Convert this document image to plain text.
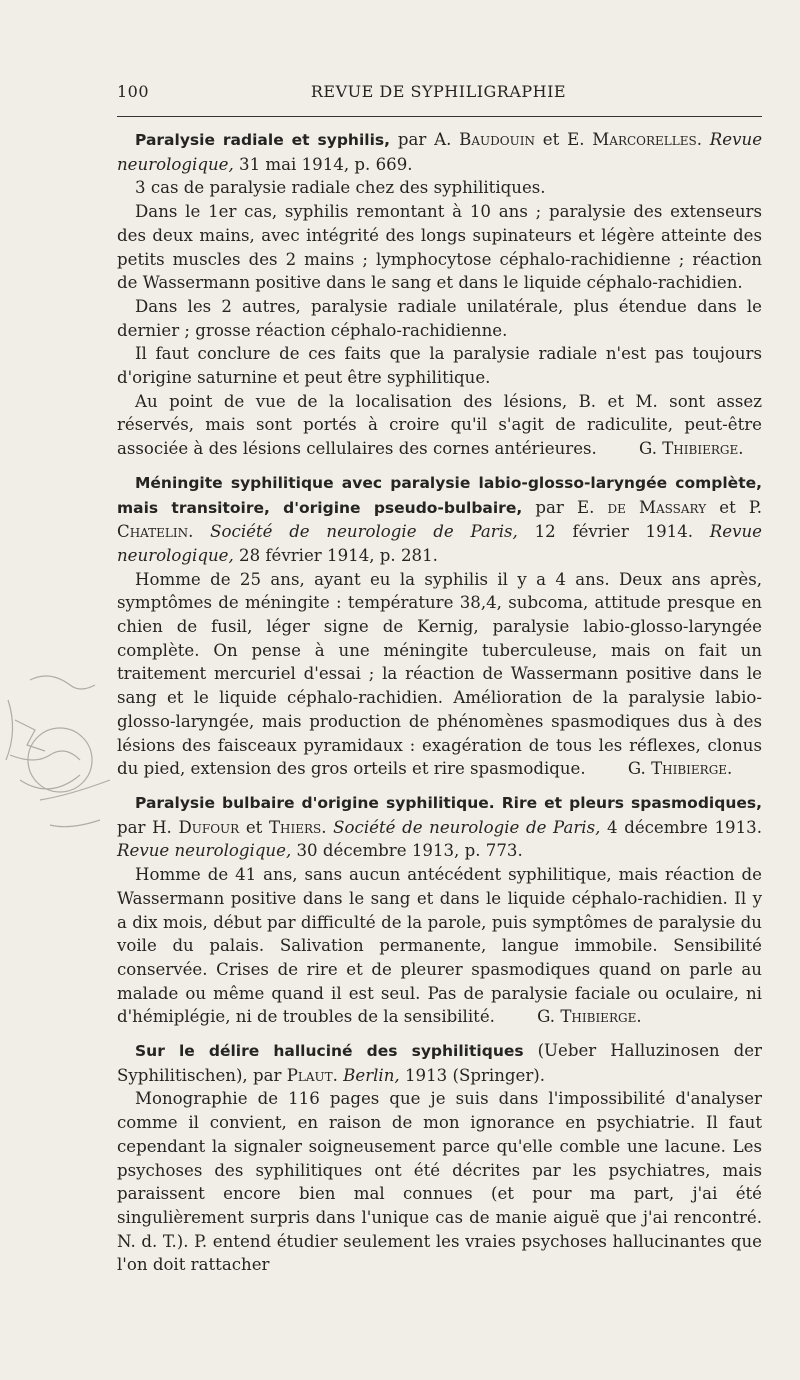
100	REVUE DE SYPHILIGRAPHIE

Paralysie radiale et syphilis, par A. Baudouin et E. Marcorelles. Revue neurologique, 31 mai 1914, p. 669.

3 cas de paralysie radiale chez des syphilitiques.

Dans le 1er cas, syphilis remontant à 10 ans ; paralysie des extenseurs des deux mains, avec intégrité des longs supinateurs et légère atteinte des petits muscles des 2 mains ; lymphocytose céphalo-rachidienne ; réaction de Wassermann positive dans le sang et dans le liquide céphalo-rachidien.

Dans les 2 autres, paralysie radiale unilatérale, plus étendue dans le dernier ; grosse réaction céphalo-rachidienne.

Il faut conclure de ces faits que la paralysie radiale n'est pas toujours d'origine saturnine et peut être syphilitique.

Au point de vue de la localisation des lésions, B. et M. sont assez réservés, mais sont portés à croire qu'il s'agit de radiculite, peut-être associée à des lésions cellulaires des cornes antérieures.	G. Thibierge.

Méningite syphilitique avec paralysie labio-glosso-laryngée complète, mais transitoire, d'origine pseudo-bulbaire, par E. de Massary et P. Chatelin. Société de neurologie de Paris, 12 février 1914. Revue neurologique, 28 février 1914, p. 281.

Homme de 25 ans, ayant eu la syphilis il y a 4 ans. Deux ans après, symptômes de méningite : température 38,4, subcoma, attitude presque en chien de fusil, léger signe de Kernig, paralysie labio-glosso-laryngée complète. On pense à une méningite tuberculeuse, mais on fait un traitement mercuriel d'essai ; la réaction de Wassermann positive dans le sang et le liquide céphalo-rachidien. Amélioration de la paralysie labio-glosso-laryngée, mais production de phénomènes spasmodiques dus à des lésions des faisceaux pyramidaux : exagération de tous les réflexes, clonus du pied, extension des gros orteils et rire spasmodique.	G. Thibierge.

Paralysie bulbaire d'origine syphilitique. Rire et pleurs spasmodiques, par H. Dufour et Thiers. Société de neurologie de Paris, 4 décembre 1913. Revue neurologique, 30 décembre 1913, p. 773.

Homme de 41 ans, sans aucun antécédent syphilitique, mais réaction de Wassermann positive dans le sang et dans le liquide céphalo-rachidien. Il y a dix mois, début par difficulté de la parole, puis symptômes de paralysie du voile du palais. Salivation permanente, langue immobile. Sensibilité conservée. Crises de rire et de pleurer spasmodiques quand on parle au malade ou même quand il est seul. Pas de paralysie faciale ou oculaire, ni d'hémiplégie, ni de troubles de la sensibilité.	G. Thibierge.

Sur le délire halluciné des syphilitiques (Ueber Halluzinosen der Syphilitischen), par Plaut. Berlin, 1913 (Springer).

Monographie de 116 pages que je suis dans l'impossibilité d'analyser comme il convient, en raison de mon ignorance en psychiatrie. Il faut cependant la signaler soigneusement parce qu'elle comble une lacune. Les psychoses des syphilitiques ont été décrites par les psychiatres, mais paraissent encore bien mal connues (et pour ma part, j'ai été singulièrement surpris dans l'unique cas de manie aiguë que j'ai rencontré. N. d. T.). P. entend étudier seulement les vraies psychoses hallucinantes que l'on doit rattacher
